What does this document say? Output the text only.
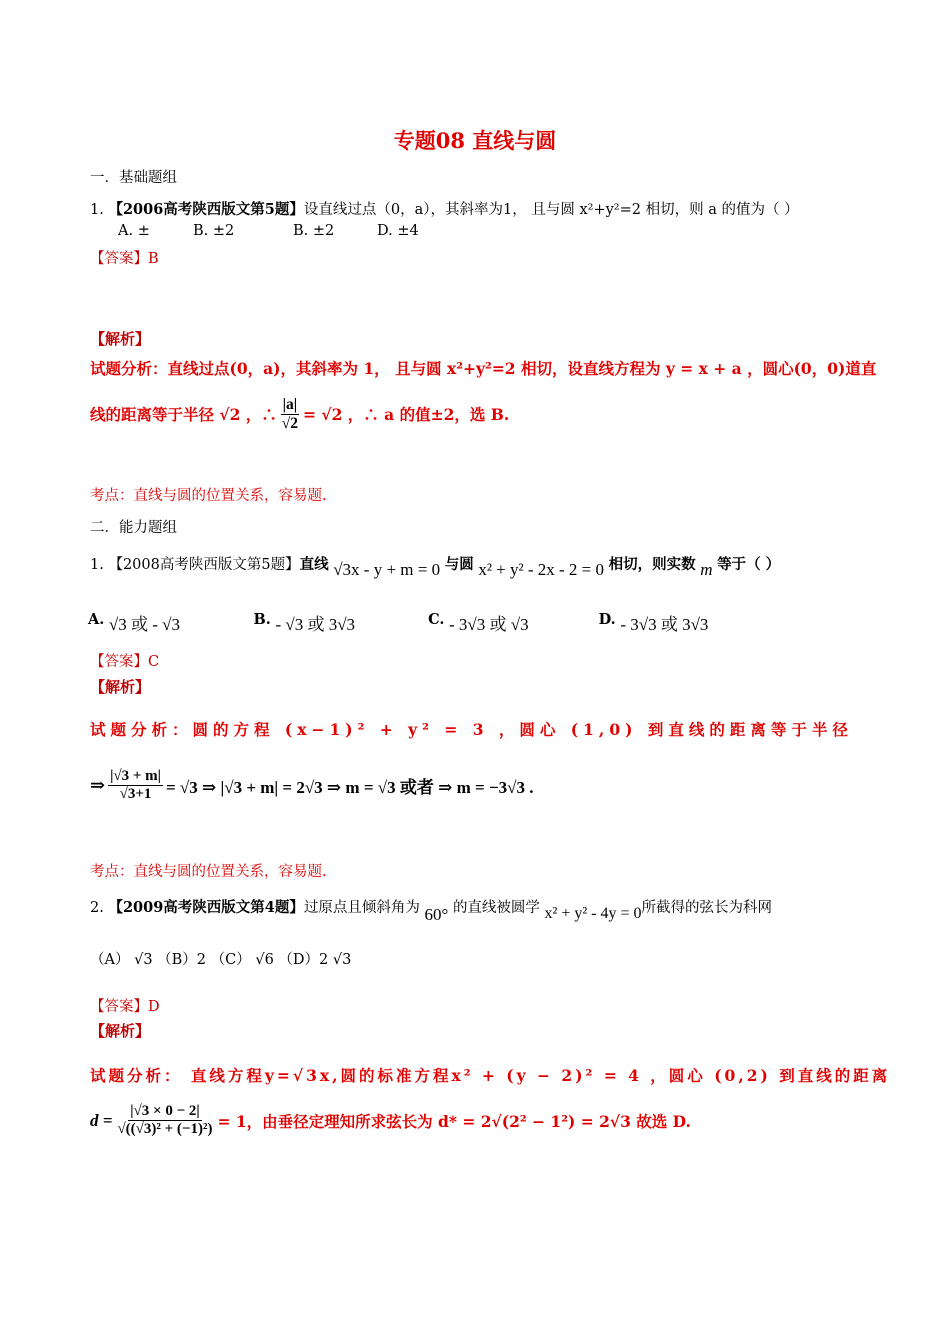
专题08 直线与圆
一．基础题组
1. 【2006高考陕西版文第5题】设直线过点（0，a），其斜率为1， 且与圆 x²+y²=2 相切，则 a 的值为（ ）
A. ±	B. ±2	B. ±2	D. ±4
【答案】B
【解析】
试题分析：直线过点(0，a)，其斜率为 1， 且与圆 x²+y²=2 相切，设直线方程为 y = x + a ，圆心(0，0)道直
线的距离等于半径 √2 ，∴ $\frac{|a|}{√2} = √2$ ，∴ a 的值±2，选 B.
考点：直线与圆的位置关系，容易题.
二．能力题组
1. 【2008高考陕西版文第5题】直线 √3x - y + m = 0 与圆 x² + y² - 2x - 2 = 0 相切，则实数 m 等于（ ）
A. √3 或 - √3	B. - √3 或 3√3	C. - 3√3 或 √3	D. - 3√3 或 3√3
【答案】C
【解析】
试题分析：圆的方程 (x−1)² + y² = 3 ，圆心 (1,0) 到直线的距离等于半径
⇒ $\frac{|√3 + m|}{√3+1} = √3$ ⇒ |√3 + m| = 2√3 ⇒ m = √3 或者 ⇒ m = −3√3 .
考点：直线与圆的位置关系，容易题.
2. 【2009高考陕西版文第4题】过原点且倾斜角为 60° 的直线被圆学 x² + y² - 4y = 0所截得的弦长为科网
（A） √3 （B）2 （C） √6 （D）2 √3
【答案】D
【解析】
试题分析： 直线方程y=√3x,圆的标准方程x² + (y − 2)² = 4 ，圆心 (0,2) 到直线的距离
$d = \frac{|√3 \times 0 - 2|}{\text{√((√3)² + (−1)²)}} = 1$，由垂径定理知所求弦长为 d* = 2√(2² − 1²) = 2√3 故选 D.
